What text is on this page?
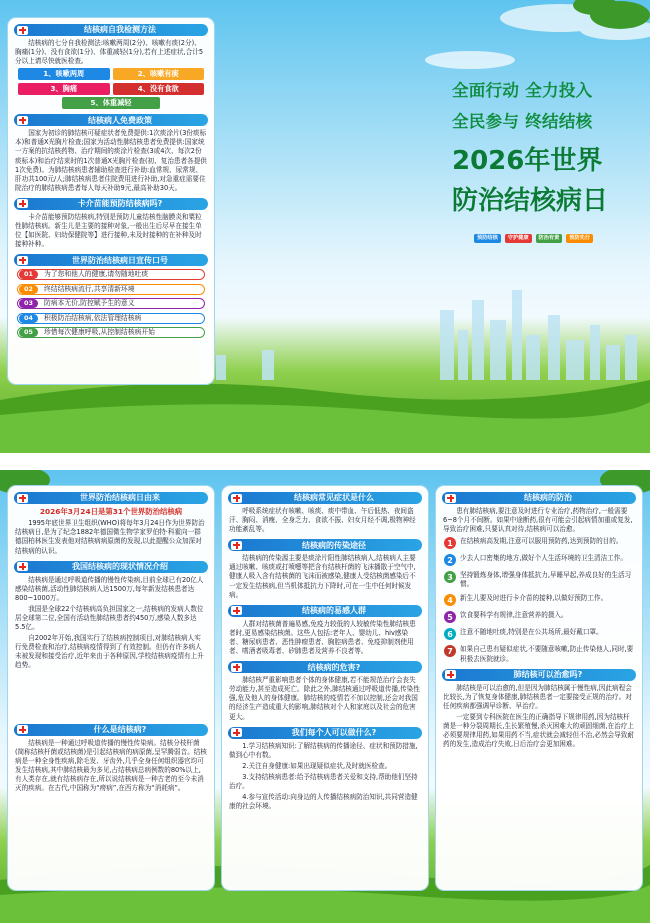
结核病自我检测方法

结核病的七分自我检测法:咳嗽两周(2分)、咳嗽有痰(2分)、胸痛(1分)、没有食欲(1分)、体重减轻(1分),若有上述症状,合计5分以上请尽快就医检查。

1、咳嗽两周	2、咳嗽有痰
3、胸痛	4、没有食欲
5、体重减轻
结核病人免费政策

国家为初诊的肺结核可疑症状者免费提供:1次痰涂片(3份痰标本)和普通X光胸片检查;国家为活动性肺结核患者免费提供:国家统一方案的抗结核药物、治疗期间的痰涂片检查(3或4次、每次2份痰标本)和治疗结束时的1次普通X光胸片检查(初、复治患者各提供1次免费)。为肺结核病患者辅助检查进行补助:血常规、尿常规、肝功共100元/人;肺结核病患者住院费用进行补助,对急重症需要住院治疗的肺结核病患者每人每天补助9元,最高补助30天。

卡介苗能预防结核病吗?

卡介苗能够预防结核病,特别是预防儿童结核性脑膜炎和粟粒性肺结核病。新生儿是主要的接种对象,一般出生后尽早在接生单位【如医院、妇幼保健院等】进行接种,未及时接种的在补种及时接种补种。

世界防治结核病日宣传口号
01	为了您和他人的健康,请勿随地吐痰
02	终结结核病流行,共享清新环境
03	防病本无价,防控赋予生的意义
04	积极防治结核病,依法管理结核病
05	珍惜每次健康呼吸,从控制结核病开始
全面行动 全力投入
全民参与 终结结核
2026年世界
防治结核病日
预防结核	守护健康	防治有责	预防先行
世界防治结核病日由来
2026年3月24日是第31个世界防治结核病

1995年底世界卫生组织(WHO)将每年3月24日作为世界防治结核病日,是为了纪念1882年德国微生物学家罗伯特·科霍向一群德国柏林医生发表他对结核病病原菌的发现,以此提醒公众加深对结核病的认识。

我国结核病的现状情况介绍

结核病是通过呼吸道传播的慢性传染病,目前全球已有20亿人感染结核菌,活动性肺结核病人达1500万,每年新发结核患者达800~1000万。

我国是全球22个结核病高负担国家之一,结核病的发病人数位居全球第二位,全国有活动性肺结核患者约450万,感染人数多达5.5亿。

自2002年开始,我国实行了结核病控制项目,对肺结核病人实行免费检查和治疗,结核病疫情得到了有效控制。但仍有许多病人未被发现和接受治疗,近年来由于各种原因,学校结核病疫情有上升趋势。

什么是结核病?

结核病是一种通过呼吸道传播的慢性传染病。结核分枝杆菌(简称结核杆菌或结核菌)是引起结核病的病原菌,呈罕腾弱音。结核病是一种全身性疾病,除毛发、牙齿外,几乎全身任何组织器官均可发生结核病,其中肺结核最为多见,占结核病总病例数的80%以上,有人类存在,就有结核病存在,所以说结核病是一种古老的至今未消灭的疾病。在古代,中国称为“痨病”,在西方称为“消耗病”。

结核病常见症状是什么

呼吸系统症状有咳嗽、咳痰、痰中带血、午后低热、夜间盗汗、胸闷、消瘦、全身乏力、食欲不振、妇女月经不调,极物神经功能紊乱等。

结核病的传染途径

结核病的传染源主要是痰涂片阳性肺结核病人,结核病人主要通过咳嗽、咳痰或打喷嚏等把含有结核杆菌的飞沫播散于空气中,健康人吸入含有结核菌的飞沫而被感染,健康人受结核菌感染后不一定发生结核病,但当机体抵抗力下降时,可在一生中任何时候发病。

结核病的易感人群

人群对结核菌普遍易感,免疫力较低的人较敏传染性肺结核患者时,更易感染结核菌。这些人包括:老年人、婴幼儿、hiv感染者、糖尿病患者、恶性肿瘤患者、胸腔病患者、免疫抑制剂使用者、嗜酒者吸毒者、矽肺患者及营养不良者等。

结核病的危害?

肺结核严重影响患者个体的身体健康,若不能规范治疗会丧失劳动能力,甚至造成死亡。除此之外,肺结核通过呼吸道传播,传染性强,危及他人的身体健康。肺结核的疫情若不加以控制,还会对我国的经济生产造成重大的影响,肺结核对个人和家庭以及社会的危害更大。

我们每个人可以做什么?

1.学习结核病知识:了解结核病的传播途径、症状和预防措施,做到心中有数。

2.关注自身健康:如果出现疑似症状,及时就医检查。

3.支持结核病患者:给予结核病患者关爱和支持,帮助他们坚持治疗。

4.参与宣传活动:向身边的人传播结核病防治知识,共同营造健康的社会环境。

结核病的防治

患有肺结核病,要注意及时进行专业治疗,药物治疗,一般需要6~8个月不间断。如果中途断药,很有可能会引起病情加重或复发,导致治疗困难,只要认真对待,结核病可以治愈。

1	在结核病高发期,注意可以服用预防药,达到预防的目的。
2	少去人口密集的地方,做好个人生活环境的卫生清洁工作。
3	坚持锻炼身体,增强身体抵抗力,早睡早起,养成良好的生活习惯。
4	新生儿要及时进行卡介苗的接种,以做好预防工作。
5	饮食要科学有规律,注意营养的摄入。
6	注意不随地吐痰,特别是在公共场所,最好戴口罩。
7	如果自己患有疑似症状,不要随意咳嗽,防止传染他人,同时,要积极去医院就诊。
肺结核可以治愈吗?

肺结核是可以治愈的,但是因为肺结核属于慢性病,因此病程会比较长,为了恢复身体健康,肺结核患者一定要接受正规的治疗。对任何疾病都强调早诊断、早治疗。

一定要到专科医院在医生的正确指导下规律用药,因为结核杆菌是一种分裂周期长,生长繁殖慢,杀灭困难大的顽固细菌,在治疗上必须要规律用药,如果用药不当,症状就会减轻但不治,必然会导致耐药的发生,造成治疗失败,日后治疗会更加困难。
